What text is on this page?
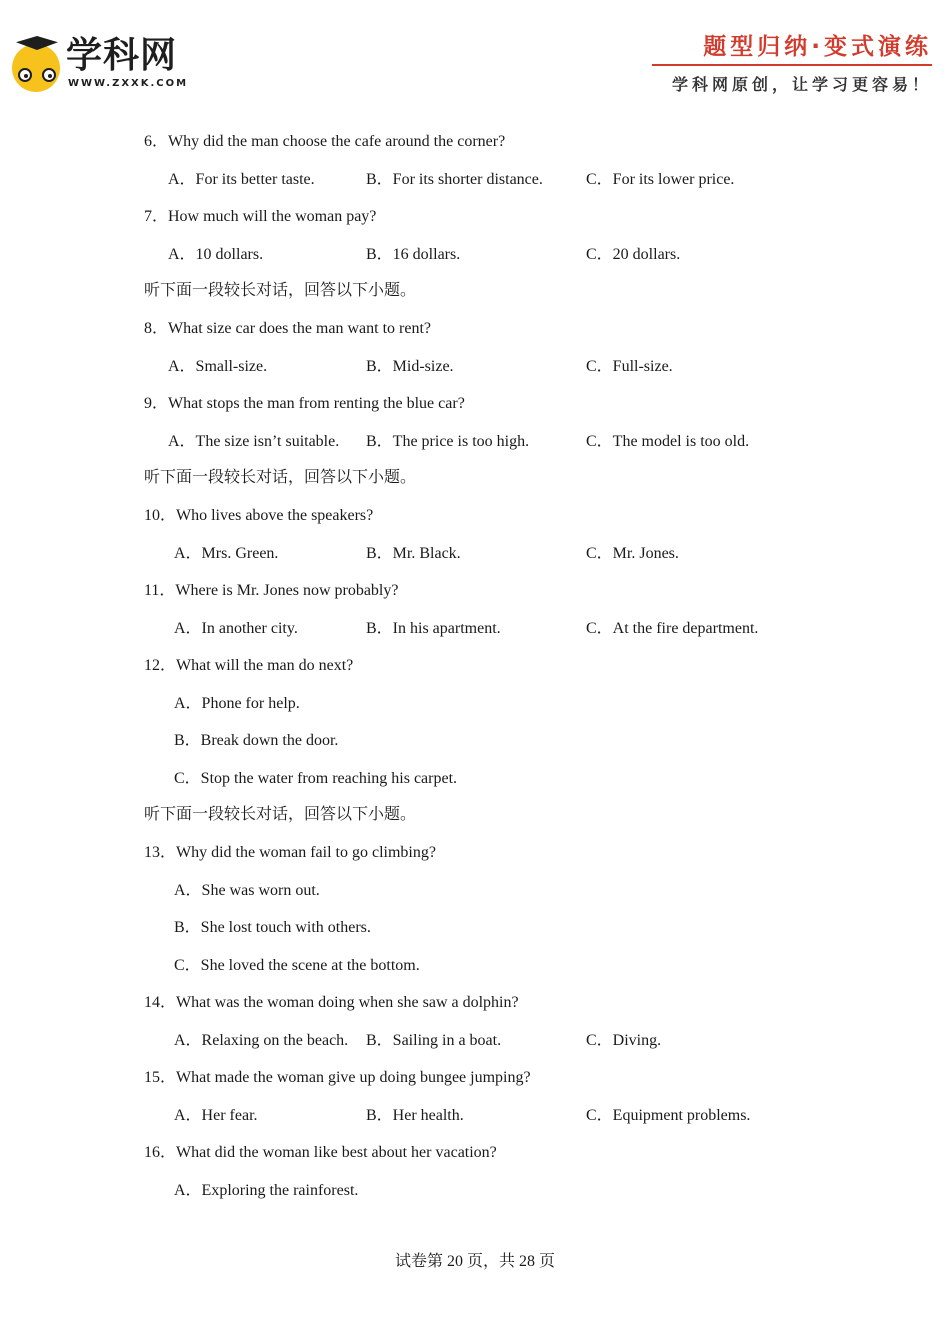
学科网
WWW.ZXXK.COM
题型归纳·变式演练
学科网原创，让学习更容易！
6．Why did the man choose the cafe around the corner?
A．For its better taste.	B．For its shorter distance.	C．For its lower price.
7．How much will the woman pay?
A．10 dollars.	B．16 dollars.	C．20 dollars.
听下面一段较长对话，回答以下小题。
8．What size car does the man want to rent?
A．Small-size.	B．Mid-size.	C．Full-size.
9．What stops the man from renting the blue car?
A．The size isn’t suitable. B．The price is too high.	C．The model is too old.
听下面一段较长对话，回答以下小题。
10．Who lives above the speakers?
A．Mrs. Green.	B．Mr. Black.	C．Mr. Jones.
11．Where is Mr. Jones now probably?
A．In another city.	B．In his apartment.	C．At the fire department.
12．What will the man do next?
A．Phone for help.
B．Break down the door.
C．Stop the water from reaching his carpet.
听下面一段较长对话，回答以下小题。
13．Why did the woman fail to go climbing?
A．She was worn out.
B．She lost touch with others.
C．She loved the scene at the bottom.
14．What was the woman doing when she saw a dolphin?
A．Relaxing on the beach. B．Sailing in a boat.	C．Diving.
15．What made the woman give up doing bungee jumping?
A．Her fear.	B．Her health.	C．Equipment problems.
16．What did the woman like best about her vacation?
A．Exploring the rainforest.
试卷第 20 页，共 28 页
